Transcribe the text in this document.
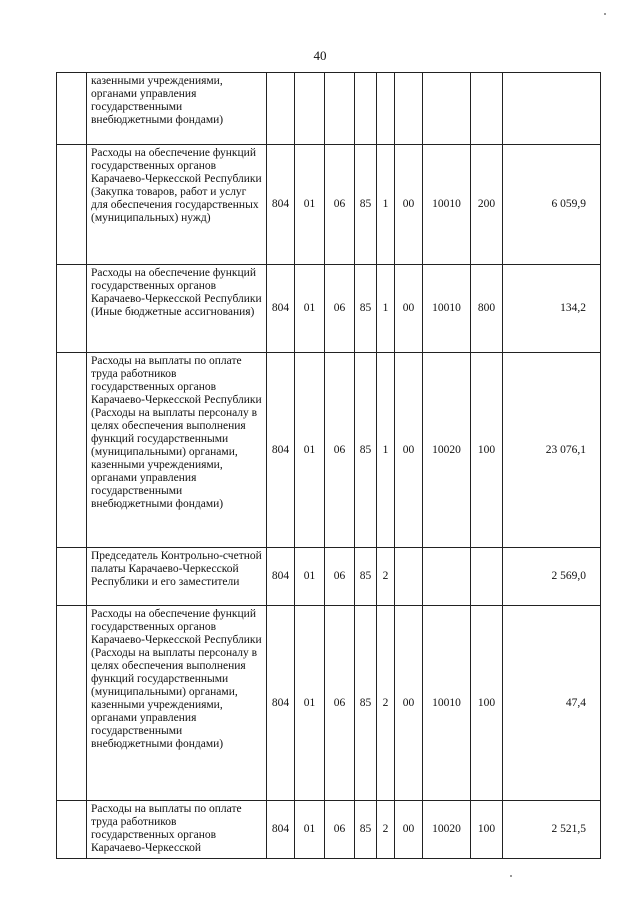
40
	казенными учреждениями, органами управления государственными внебюджетными фондами)									
	Расходы на обеспечение функций государственных органов Карачаево-Черкесской Республики (Закупка товаров, работ и услуг для обеспечения государственных (муниципальных) нужд)	804	01	06	85	1	00	10010	200	6 059,9
	Расходы на обеспечение функций государственных органов Карачаево-Черкесской Республики (Иные бюджетные ассигнования)	804	01	06	85	1	00	10010	800	134,2
	Расходы на выплаты по оплате труда работников государственных органов Карачаево-Черкесской Республики (Расходы на выплаты персоналу в целях обеспечения выполнения функций государственными (муниципальными) органами, казенными учреждениями, органами управления государственными внебюджетными фондами)	804	01	06	85	1	00	10020	100	23 076,1
	Председатель Контрольно-счетной палаты Карачаево-Черкесской Республики и его заместители	804	01	06	85	2				2 569,0
	Расходы на обеспечение функций государственных органов Карачаево-Черкесской Республики (Расходы на выплаты персоналу в целях обеспечения выполнения функций государственными (муниципальными) органами, казенными учреждениями, органами управления государственными внебюджетными фондами)	804	01	06	85	2	00	10010	100	47,4
	Расходы на выплаты по оплате труда работников государственных органов Карачаево-Черкесской	804	01	06	85	2	00	10020	100	2 521,5
